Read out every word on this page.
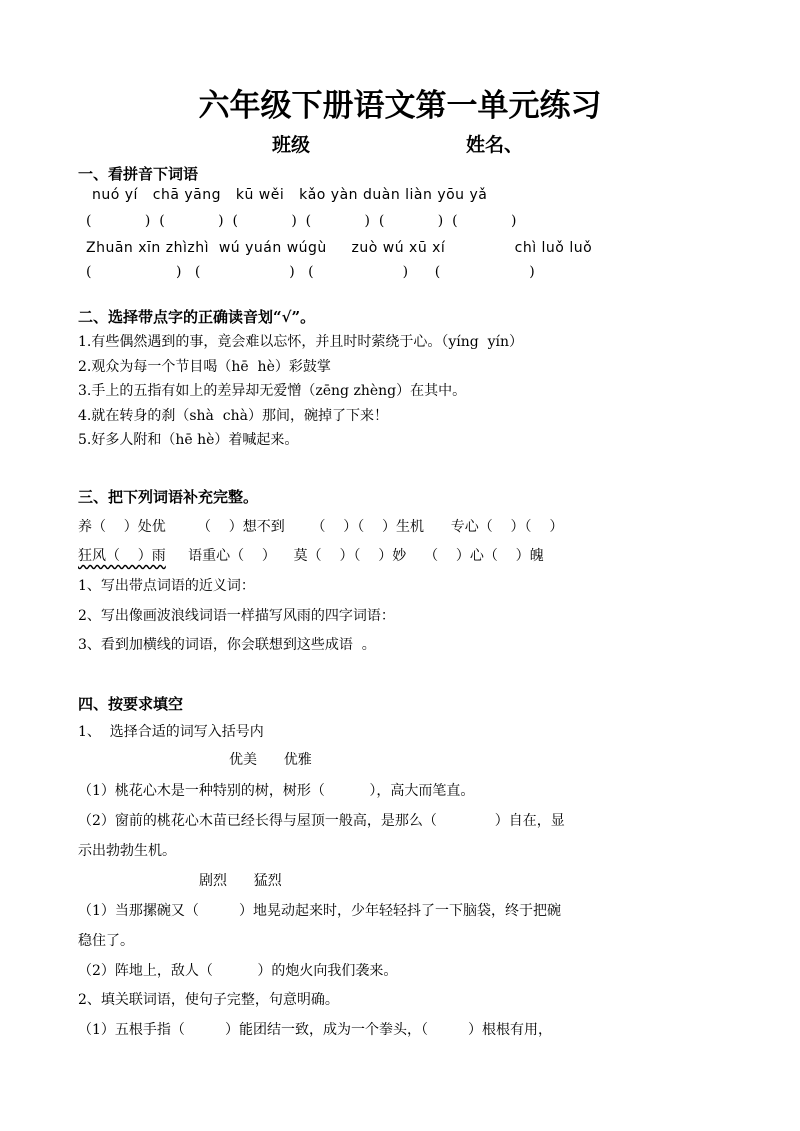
六年级下册语文第一单元练习
班级	姓名、
一、看拼音下词语
nuó yí   chā yāng   kū wěi   kǎo yàn duàn liàn yōu yǎ
(            )  (            )  (            )  (            )  (            )  (            )
Zhuān xīn zhìzhì  wú yuán wúgù     zuò wú xū xí              chì luǒ luǒ
(                   )   (                    )   (                    )      (                    )
二、选择带点字的正确读音划“√”。
1.有些偶然遇到的事，竟会难以忘怀，并且时时萦绕于心。（yíng  yín）
2.观众为每一个节目喝（hē  hè）彩鼓掌
3.手上的五指有如上的差异却无爱憎（zēng zhèng）在其中。
4.就在转身的刹（shà  chà）那间，碗掉了下来！
5.好多人附和（hē hè）着喊起来。
三、把下列词语补充完整。
养（    ）处优       （    ）想不到      （    ）（    ）生机      专心（    ）（    ）
狂风（    ）雨     语重心（    ）    莫（    ）（    ）妙    （    ）心（    ）魄
1、写出带点词语的近义词：
2、写出像画波浪线词语一样描写风雨的四字词语：
3、看到加横线的词语，你会联想到这些成语  。
四、按要求填空
1、  选择合适的词写入括号内
优美      优雅
（1）桃花心木是一种特别的树，树形（          ），高大而笔直。
（2）窗前的桃花心木苗已经长得与屋顶一般高，是那么（             ）自在，显
示出勃勃生机。
剧烈      猛烈
（1）当那摞碗又（         ）地晃动起来时，少年轻轻抖了一下脑袋，终于把碗
稳住了。
（2）阵地上，敌人（          ）的炮火向我们袭来。
2、填关联词语，使句子完整，句意明确。
（1）五根手指（         ）能团结一致，成为一个拳头，（         ）根根有用，
